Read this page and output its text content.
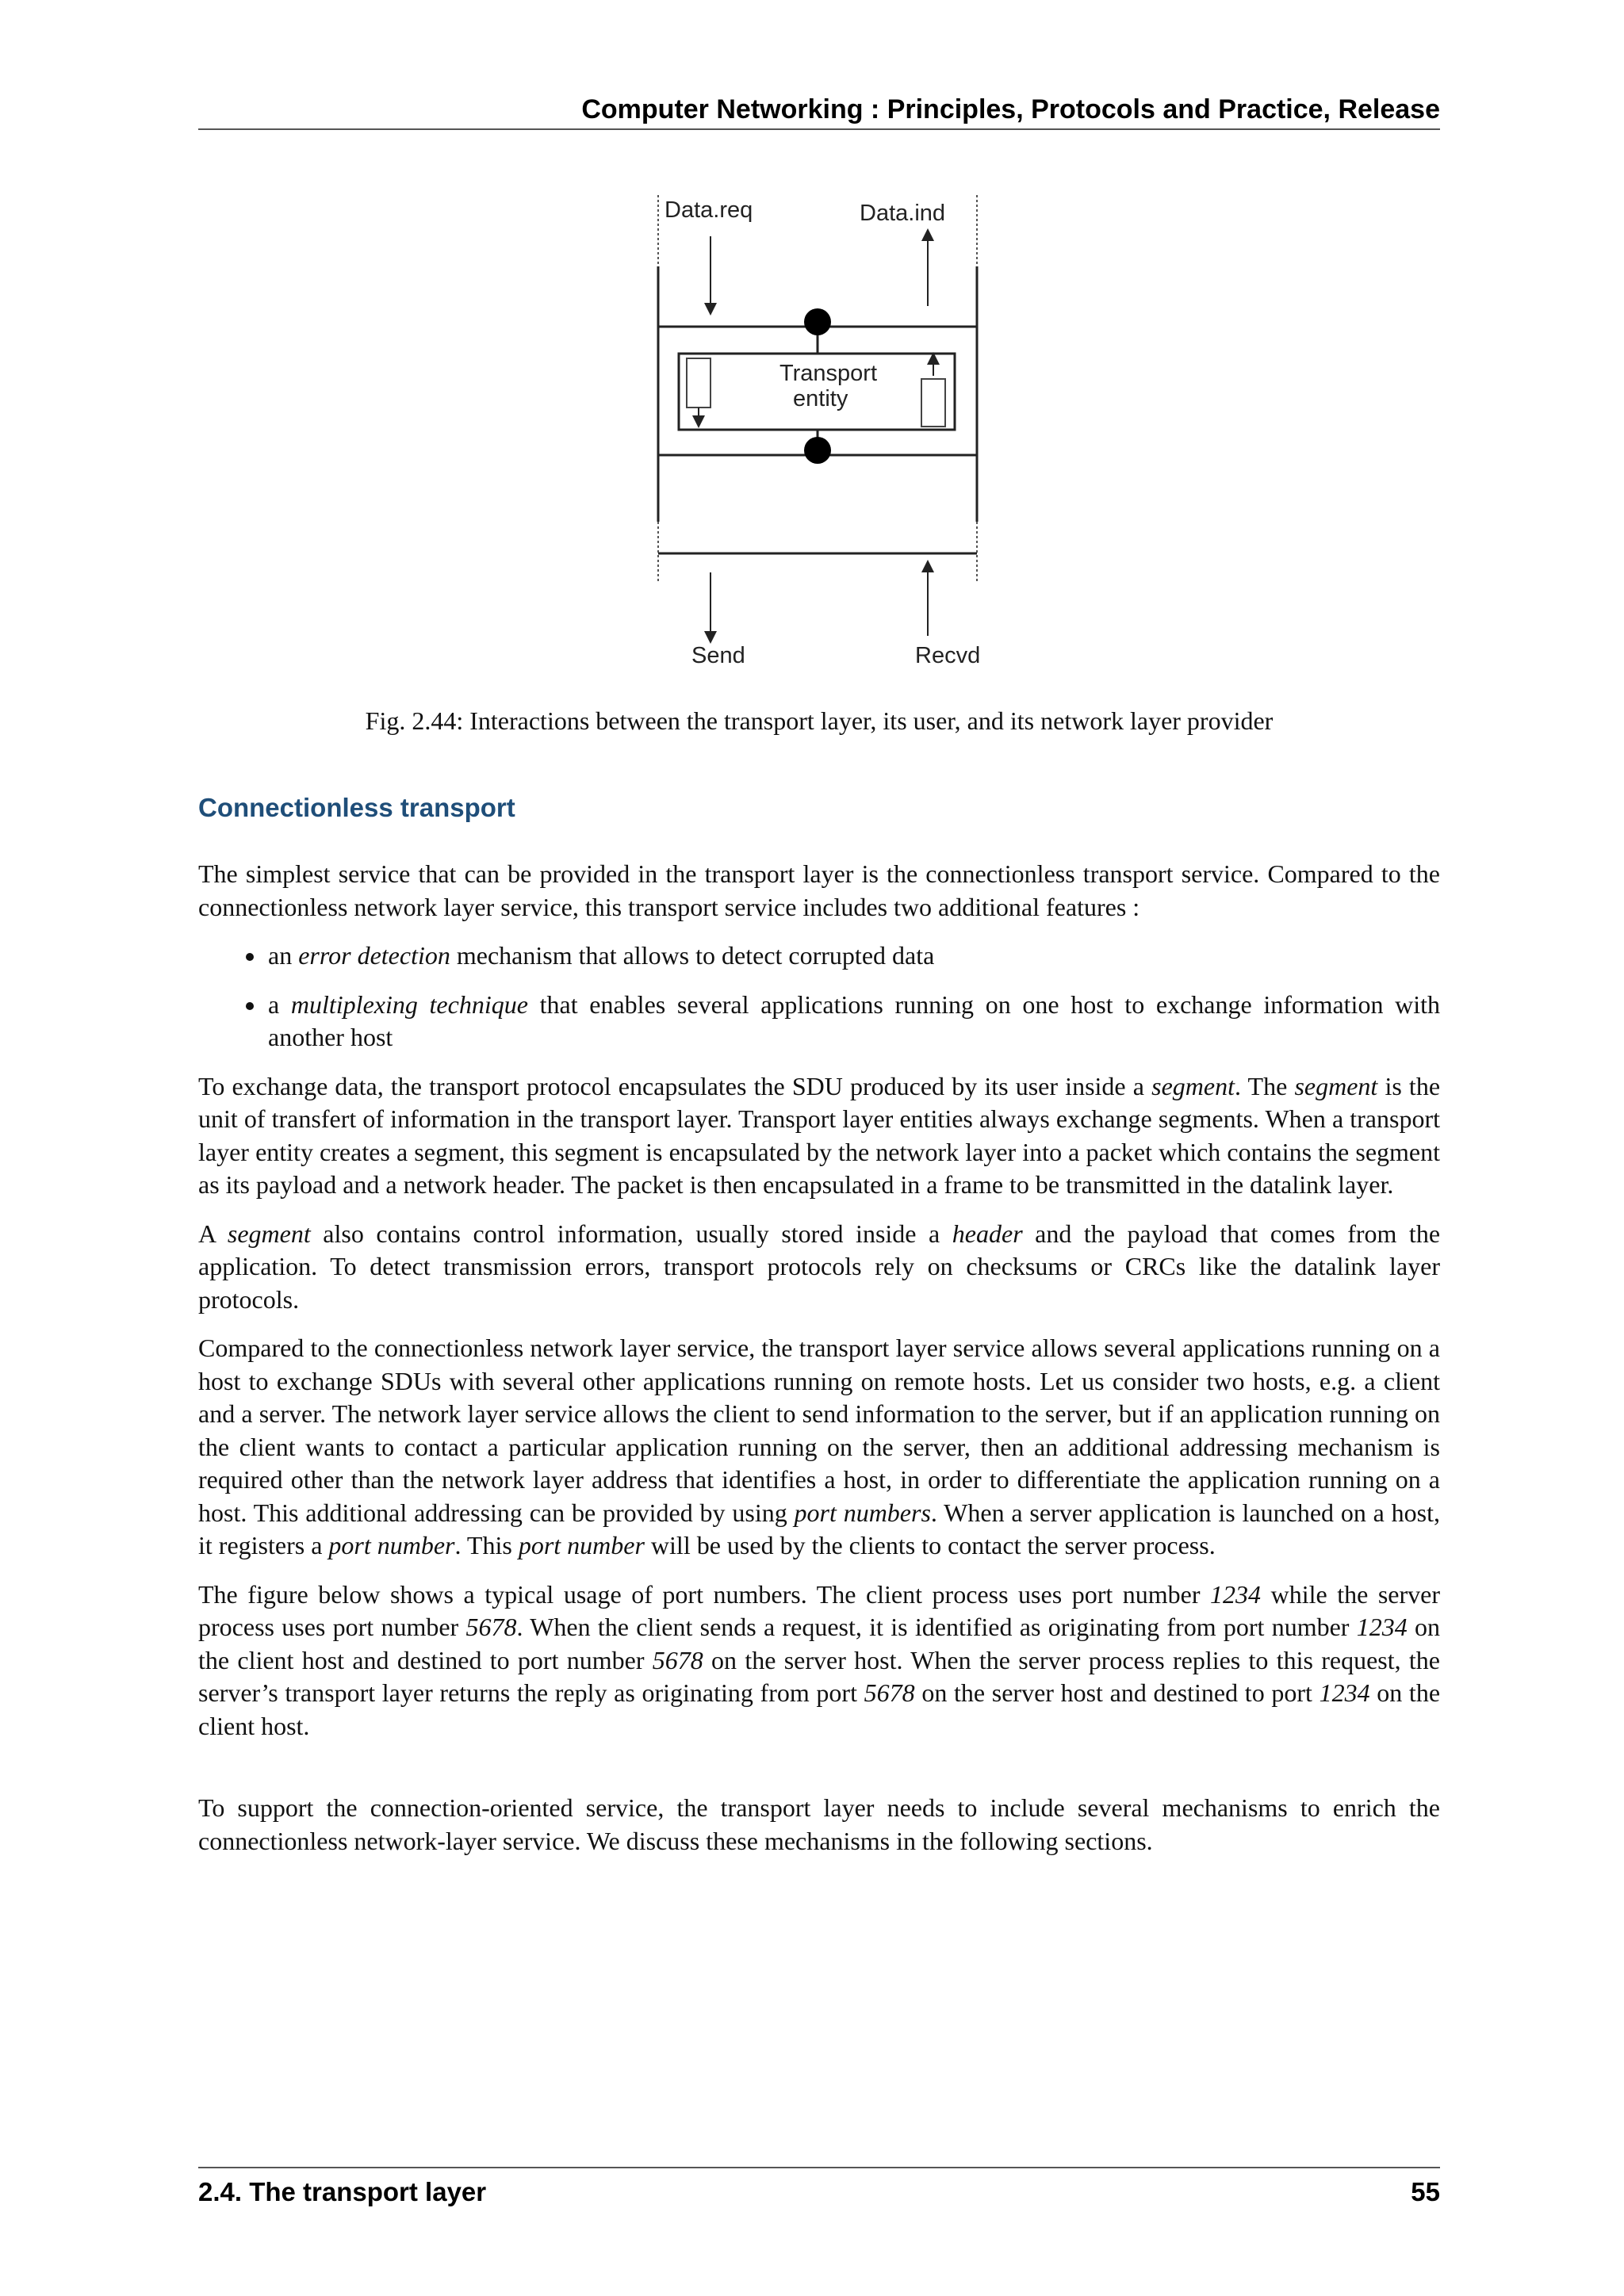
Computer Networking : Principles, Protocols and Practice, Release
Data.req	Data.ind
Transport
entity
Send	Recvd
Fig. 2.44: Interactions between the transport layer, its user, and its network layer provider
Connectionless transport

The simplest service that can be provided in the transport layer is the connectionless transport service. Compared to the connectionless network layer service, this transport service includes two additional features :

• an error detection mechanism that allows to detect corrupted data
• a multiplexing technique that enables several applications running on one host to exchange information with another host

To exchange data, the transport protocol encapsulates the SDU produced by its user inside a segment. The segment is the unit of transfert of information in the transport layer. Transport layer entities always exchange segments. When a transport layer entity creates a segment, this segment is encapsulated by the network layer into a packet which contains the segment as its payload and a network header. The packet is then encapsulated in a frame to be transmitted in the datalink layer.

A segment also contains control information, usually stored inside a header and the payload that comes from the application. To detect transmission errors, transport protocols rely on checksums or CRCs like the datalink layer protocols.

Compared to the connectionless network layer service, the transport layer service allows several applications running on a host to exchange SDUs with several other applications running on remote hosts. Let us consider two hosts, e.g. a client and a server. The network layer service allows the client to send information to the server, but if an application running on the client wants to contact a particular application running on the server, then an additional addressing mechanism is required other than the network layer address that identifies a host, in order to differentiate the application running on a host. This additional addressing can be provided by using port numbers. When a server application is launched on a host, it registers a port number. This port number will be used by the clients to contact the server process.

The figure below shows a typical usage of port numbers. The client process uses port number 1234 while the server process uses port number 5678. When the client sends a request, it is identified as originating from port number 1234 on the client host and destined to port number 5678 on the server host. When the server process replies to this request, the server’s transport layer returns the reply as originating from port 5678 on the server host and destined to port 1234 on the client host.

To support the connection-oriented service, the transport layer needs to include several mechanisms to enrich the connectionless network-layer service. We discuss these mechanisms in the following sections.

2.4. The transport layer	55
